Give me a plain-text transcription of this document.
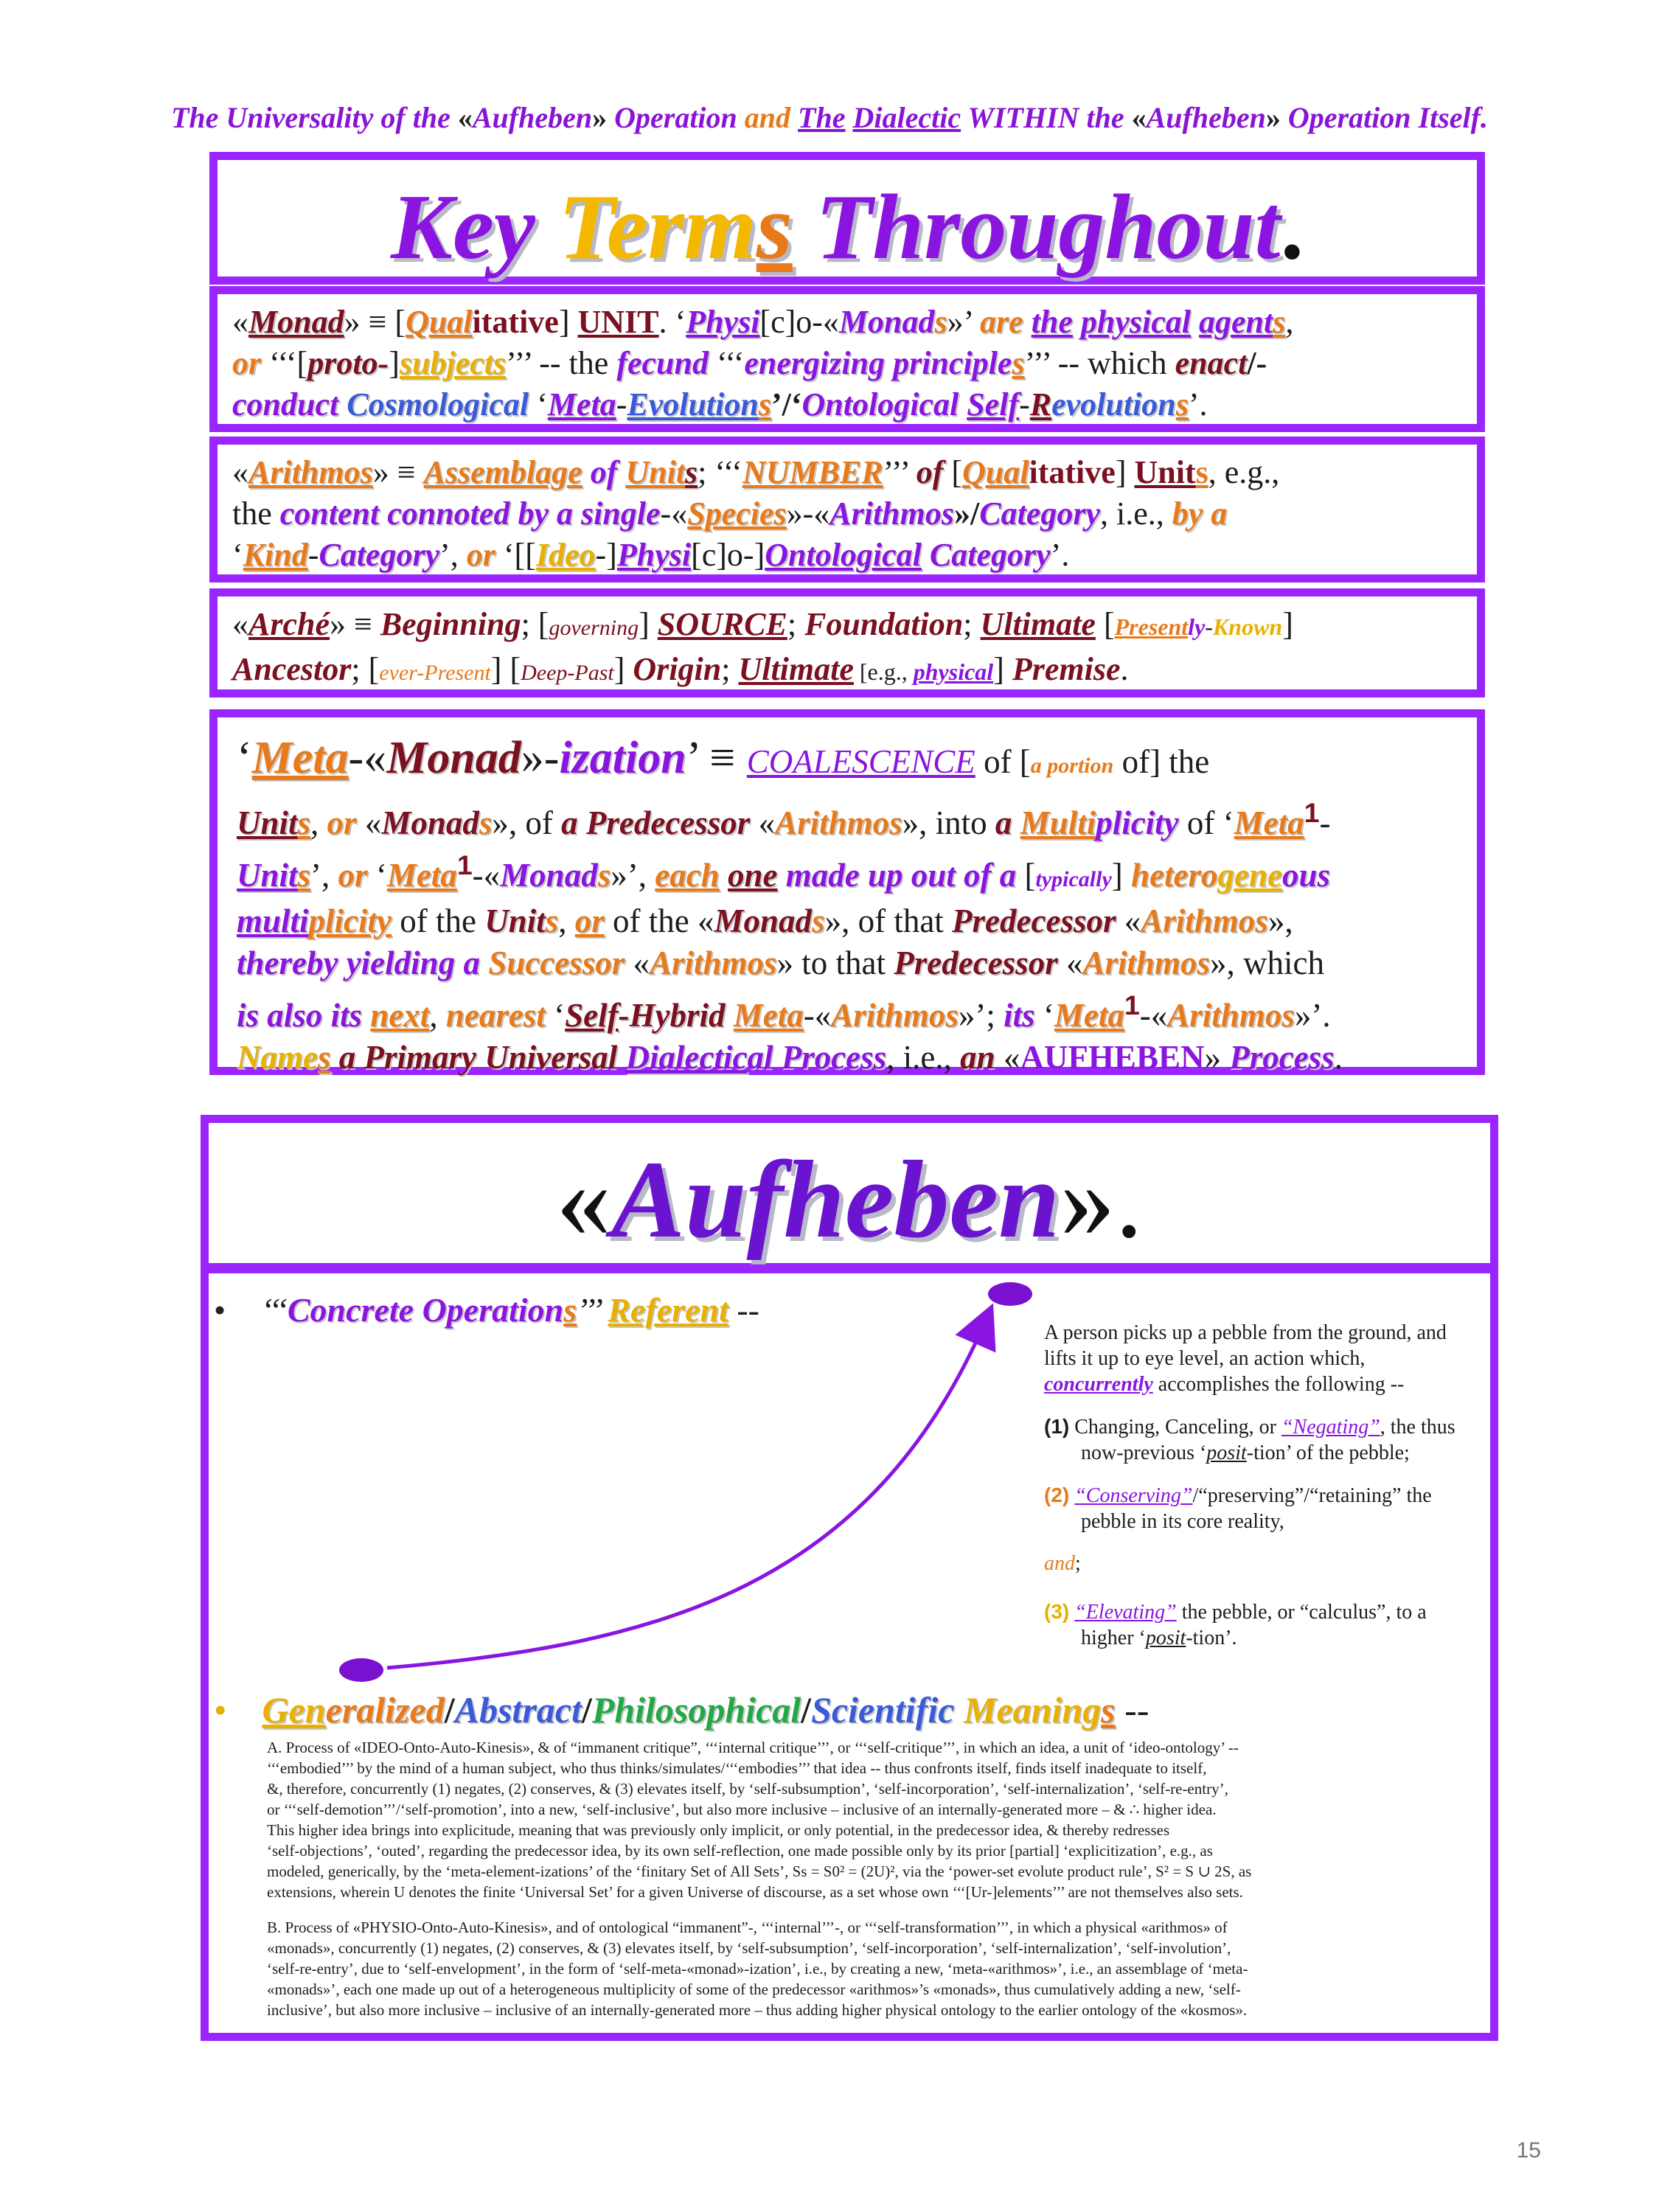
The Universality of the «Aufheben» Operation and The Dialectic WITHIN the «Aufheben» Operation Itself.
Key Terms Throughout.

«Monad» ≡ [Qualitative] UNIT. ‘Physi[c]o-«Monads»’ are the physical agents,

or ‘‘‘[proto-]subjects’’’ -- the fecund ‘‘‘energizing principles’’’ -- which enact/-

conduct Cosmological ‘Meta-Evolutions’/‘Ontological Self-Revolutions’.

«Arithmos» ≡ Assemblage of Units; ‘‘‘NUMBER’’’ of [Qualitative] Units, e.g.,

the content connoted by a single-«Species»-«Arithmos»/Category, i.e., by a

‘Kind-Category’, or ‘[[Ideo-]Physi[c]o-]Ontological Category’.

«Arché» ≡ Beginning; [governing] SOURCE; Foundation; Ultimate [Presently-Known]

Ancestor; [ever-Present] [Deep-Past] Origin; Ultimate [e.g., physical] Premise.

‘Meta-«Monad»-ization’ ≡ COALESCENCE of [a portion of] the

Units, or «Monads», of a Predecessor «Arithmos», into a Multiplicity of ‘Meta$^1$-

Units’, or ‘Meta$^1$-«Monads»’, each one made up out of a [typically] heterogeneous

multiplicity of the Units, or of the «Monads», of that Predecessor «Arithmos»,

thereby yielding a Successor «Arithmos» to that Predecessor «Arithmos», which

is also its next, nearest ‘Self-Hybrid Meta-«Arithmos»’; its ‘Meta$^1$-«Arithmos»’.

Names a Primary Universal Dialectical Process, i.e., an «AUFHEBEN» Process.

«Aufheben».
• ‘‘‘Concrete Operations’’’ Referent --

A person picks up a pebble from the ground, and lifts it up to eye level, an action which, concurrently accomplishes the following --

(1) Changing, Canceling, or “Negating”, the thus now-previous ‘posit-tion’ of the pebble;

(2) “Conserving”/“preserving”/“retaining” the pebble in its core reality,

and;

(3) “Elevating” the pebble, or “calculus”, to a higher ‘posit-tion’.

• Generalized/Abstract/Philosophical/Scientific Meanings --

A. Process of «IDEO-Onto-Auto-Kinesis», & of “immanent critique”, ‘‘‘internal critique’’’, or ‘‘‘self-critique’’’, in which an idea, a unit of ‘ideo-ontology’ --

‘‘‘embodied’’’ by the mind of a human subject, who thus thinks/simulates/‘‘‘embodies’’’ that idea -- thus confronts itself, finds itself inadequate to itself,

&, therefore, concurrently (1) negates, (2) conserves, & (3) elevates itself, by ‘self-subsumption’, ‘self-incorporation’, ‘self-internalization’, ‘self-re-entry’,

or ‘‘‘self-demotion’’’/‘self-promotion’, into a new, ‘self-inclusive’, but also more inclusive – inclusive of an internally-generated more – & ∴ higher idea.

This higher idea brings into explicitude, meaning that was previously only implicit, or only potential, in the predecessor idea, & thereby redresses

‘self-objections’, ‘outed’, regarding the predecessor idea, by its own self-reflection, one made possible only by its prior [partial] ‘explicitization’, e.g., as

modeled, generically, by the ‘meta-element-izations’ of the ‘finitary Set of All Sets’, Ss = S0² = (2U)², via the ‘power-set evolute product rule’, S² = S ∪ 2S, as

extensions, wherein U denotes the finite ‘Universal Set’ for a given Universe of discourse, as a set whose own ‘‘‘[Ur-]elements’’’ are not themselves also sets.

B. Process of «PHYSIO-Onto-Auto-Kinesis», and of ontological “immanent”-, ‘‘‘internal’’’-, or ‘‘‘self-transformation’’’, in which a physical «arithmos» of

«monads», concurrently (1) negates, (2) conserves, & (3) elevates itself, by ‘self-subsumption’, ‘self-incorporation’, ‘self-internalization’, ‘self-involution’,

‘self-re-entry’, due to ‘self-envelopment’, in the form of ‘self-meta-«monad»-ization’, i.e., by creating a new, ‘meta-«arithmos»’, i.e., an assemblage of ‘meta-

«monads»’, each one made up out of a heterogeneous multiplicity of some of the predecessor «arithmos»’s «monads», thus cumulatively adding a new, ‘self-

inclusive’, but also more inclusive – inclusive of an internally-generated more – thus adding higher physical ontology to the earlier ontology of the «kosmos».

15
